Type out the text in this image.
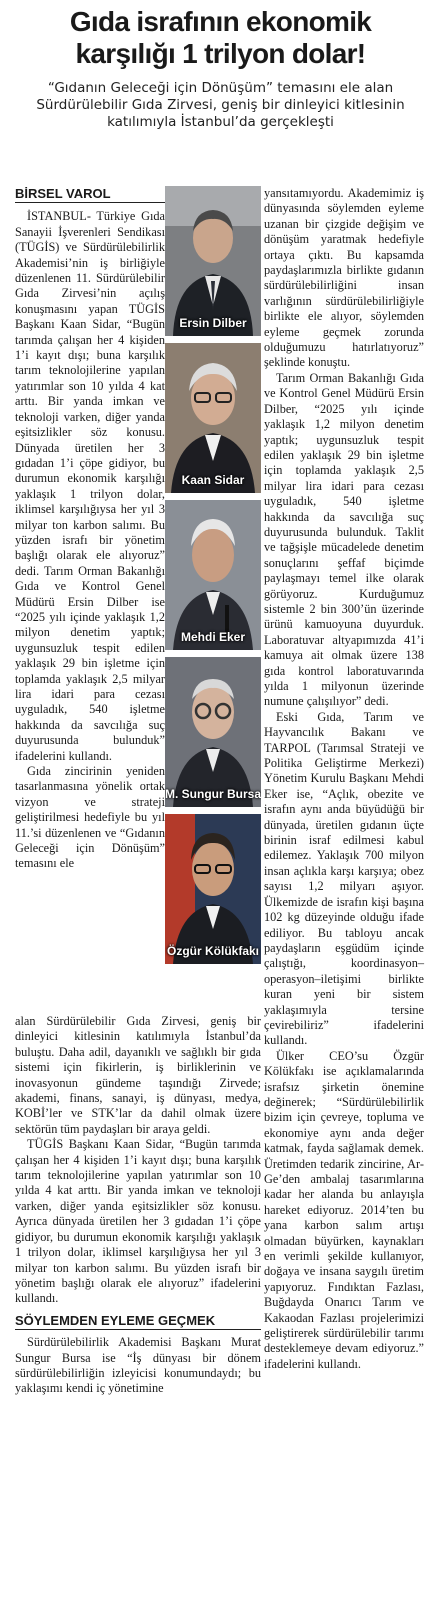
Gıda israfının ekonomik
karşılığı 1 trilyon dolar!
“Gıdanın Geleceği için Dönüşüm” temasını ele alan Sürdürülebilir Gıda Zirvesi, geniş bir dinleyici kitlesinin katılımıyla İstanbul’da gerçekleşti
BİRSEL VAROL

İSTANBUL- Türkiye Gıda Sanayii İşverenleri Sendikası (TÜGİS) ve Sürdürülebilirlik Akademisi’nin iş birliğiyle düzenlenen 11. Sürdürülebilir Gıda Zirvesi’nin açılış konuşmasını yapan TÜGİS Başkanı Kaan Sidar, “Bugün tarımda çalışan her 4 kişiden 1’i kayıt dışı; buna karşılık tarım teknolojilerine yapılan yatırımlar son 10 yılda 4 kat arttı. Bir yanda imkan ve teknoloji varken, diğer yanda eşitsizlikler söz konusu. Dünyada üretilen her 3 gıdadan 1’i çöpe gidiyor, bu durumun ekonomik karşılığı yaklaşık 1 trilyon dolar, iklimsel karşılığıysa her yıl 3 milyar ton karbon salımı. Bu yüzden israfı bir yönetim başlığı olarak ele alıyoruz” dedi. Tarım Orman Bakanlığı Gıda ve Kontrol Genel Müdürü Ersin Dilber ise “2025 yılı içinde yaklaşık 1,2 milyon denetim yaptık; uygunsuzluk tespit edilen yaklaşık 29 bin işletme için toplamda yaklaşık 2,5 milyar lira idari para cezası uyguladık, 540 işletme hakkında da savcılığa suç duyurusunda bulunduk” ifadelerini kullandı.

Gıda zincirinin yeniden tasarlanmasına yönelik ortak vizyon ve strateji geliştirilmesi hedefiyle bu yıl 11.’si düzenlenen ve “Gıdanın Geleceği için Dönüşüm” temasını ele

Ersin Dilber
Kaan Sidar
Mehdi Eker
M. Sungur Bursa
Özgür Kölükfakı

yansıtamıyordu. Akademimiz iş dünyasında söylemden eyleme uzanan bir çizgide değişim ve dönüşüm yaratmak hedefiyle ortaya çıktı. Bu kapsamda paydaşlarımızla birlikte gıdanın sürdürülebilirliğini insan varlığının sürdürülebilirliğiyle birlikte ele alıyor, söylemden eyleme geçmek zorunda olduğumuzu hatırlatıyoruz” şeklinde konuştu.

Tarım Orman Bakanlığı Gıda ve Kontrol Genel Müdürü Ersin Dilber, “2025 yılı içinde yaklaşık 1,2 milyon denetim yaptık; uygunsuzluk tespit edilen yaklaşık 29 bin işletme için toplamda yaklaşık 2,5 milyar lira idari para cezası uyguladık, 540 işletme hakkında da savcılığa suç duyurusunda bulunduk. Taklit ve tağşişle mücadelede denetim sonuçlarını şeffaf biçimde paylaşmayı temel ilke olarak görüyoruz. Kurduğumuz sistemle 2 bin 300’ün üzerinde ürünü kamuoyuna duyurduk. Laboratuvar altyapımızda 41’i kamuya ait olmak üzere 138 gıda kontrol laboratuvarında yılda 1 milyonun üzerinde numune çalışılıyor” dedi.

Eski Gıda, Tarım ve Hayvancılık Bakanı ve TARPOL (Tarımsal Strateji ve Politika Geliştirme Merkezi) Yönetim Kurulu Başkanı Mehdi Eker ise, “Açlık, obezite ve israfın aynı anda büyüdüğü bir dünyada, üretilen gıdanın üçte birinin israf edilmesi kabul edilemez. Yaklaşık 700 milyon insan açlıkla karşı karşıya; obez sayısı 1,2 milyarı aşıyor. Ülkemizde de israfın kişi başına 102 kg düzeyinde olduğu ifade ediliyor. Bu tabloyu ancak paydaşların eşgüdüm içinde çalıştığı, koordinasyon–operasyon–iletişimi birlikte kuran yeni bir sistem yaklaşımıyla tersine çevirebiliriz” ifadelerini kullandı.

Ülker CEO’su Özgür Kölükfakı ise açıklamalarında israfsız şirketin önemine değinerek; “Sürdürülebilirlik bizim için çevreye, topluma ve ekonomiye aynı anda değer katmak, fayda sağlamak demek. Üretimden tedarik zincirine, Ar-Ge’den ambalaj tasarımlarına kadar her alanda bu anlayışla hareket ediyoruz. 2014’ten bu yana karbon salım artışı olmadan büyürken, kaynakları en verimli şekilde kullanıyor, doğaya ve insana saygılı üretim yapıyoruz. Fındıktan Fazlası, Buğdayda Onarıcı Tarım ve Kakaodan Fazlası projelerimizi geliştirerek sürdürülebilir tarımı desteklemeye devam ediyoruz.” ifadelerini kullandı.

alan Sürdürülebilir Gıda Zirvesi, geniş bir dinleyici kitlesinin katılımıyla İstanbul’da buluştu. Daha adil, dayanıklı ve sağlıklı bir gıda sistemi için fikirlerin, iş birliklerinin ve inovasyonun gündeme taşındığı Zirvede; akademi, finans, sanayi, iş dünyası, medya, KOBİ’ler ve STK’lar da dahil olmak üzere sektörün tüm paydaşları bir araya geldi.

TÜGİS Başkanı Kaan Sidar, “Bugün tarımda çalışan her 4 kişiden 1’i kayıt dışı; buna karşılık tarım teknolojilerine yapılan yatırımlar son 10 yılda 4 kat arttı. Bir yanda imkan ve teknoloji varken, diğer yanda eşitsizlikler söz konusu. Ayrıca dünyada üretilen her 3 gıdadan 1’i çöpe gidiyor, bu durumun ekonomik karşılığı yaklaşık 1 trilyon dolar, iklimsel karşılığıysa her yıl 3 milyar ton karbon salımı. Bu yüzden israfı bir yönetim başlığı olarak ele alıyoruz” ifadelerini kullandı.

SÖYLEMDEN EYLEME GEÇMEK

Sürdürülebilirlik Akademisi Başkanı Murat Sungur Bursa ise “İş dünyası bir dönem sürdürülebilirliğin izleyicisi konumundaydı; bu yaklaşımı kendi iç yönetimine
